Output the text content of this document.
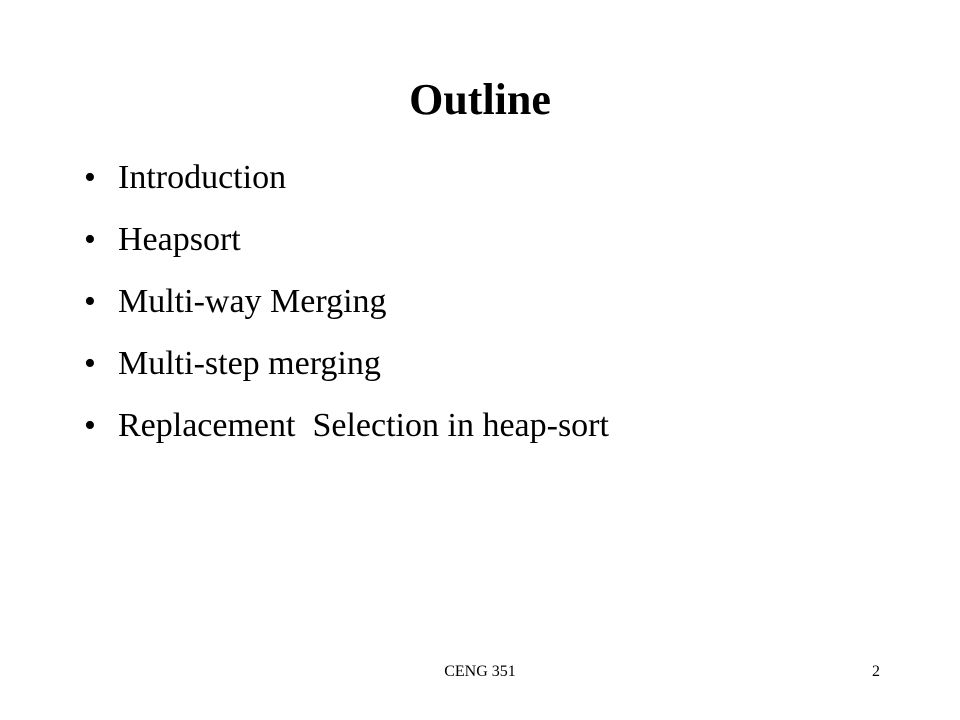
Outline
• Introduction
• Heapsort
• Multi-way Merging
• Multi-step merging
• Replacement  Selection in heap-sort
CENG 351	2
